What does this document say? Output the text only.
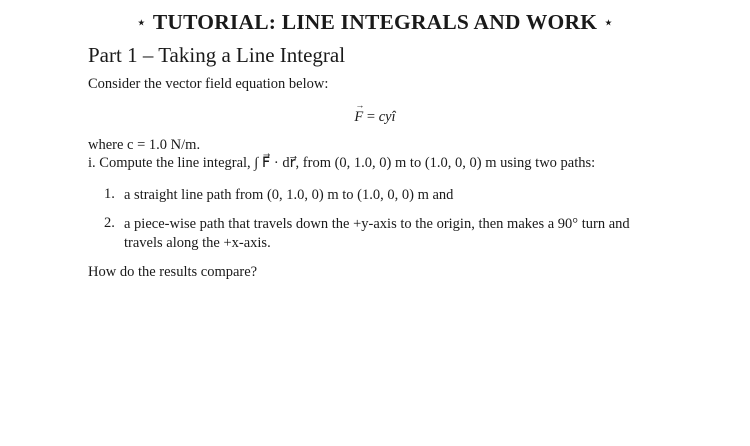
⋆ TUTORIAL: LINE INTEGRALS AND WORK ⋆
Part 1 – Taking a Line Integral
Consider the vector field equation below:
F → = cyî
where c = 1.0 N/m.
i. Compute the line integral, ∫ F⃗ · dr⃗, from (0, 1.0, 0) m to (1.0, 0, 0) m using two paths:
1. a straight line path from (0, 1.0, 0) m to (1.0, 0, 0) m and
2. a piece-wise path that travels down the +y-axis to the origin, then makes a 90° turn and travels along the +x-axis.
How do the results compare?
